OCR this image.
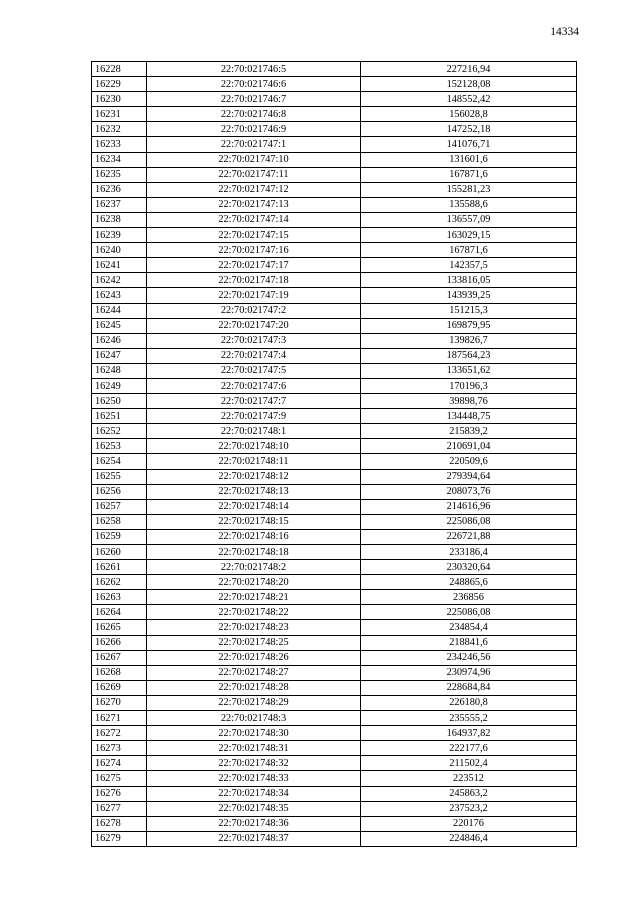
14334
16228	22:70:021746:5	227216,94
16229	22:70:021746:6	152128,08
16230	22:70:021746:7	148552,42
16231	22:70:021746:8	156028,8
16232	22:70:021746:9	147252,18
16233	22:70:021747:1	141076,71
16234	22:70:021747:10	131601,6
16235	22:70:021747:11	167871,6
16236	22:70:021747:12	155281,23
16237	22:70:021747:13	135588,6
16238	22:70:021747:14	136557,09
16239	22:70:021747:15	163029,15
16240	22:70:021747:16	167871,6
16241	22:70:021747:17	142357,5
16242	22:70:021747:18	133816,05
16243	22:70:021747:19	143939,25
16244	22:70:021747:2	151215,3
16245	22:70:021747:20	169879,95
16246	22:70:021747:3	139826,7
16247	22:70:021747:4	187564,23
16248	22:70:021747:5	133651,62
16249	22:70:021747:6	170196,3
16250	22:70:021747:7	39898,76
16251	22:70:021747:9	134448,75
16252	22:70:021748:1	215839,2
16253	22:70:021748:10	210691,04
16254	22:70:021748:11	220509,6
16255	22:70:021748:12	279394,64
16256	22:70:021748:13	208073,76
16257	22:70:021748:14	214616,96
16258	22:70:021748:15	225086,08
16259	22:70:021748:16	226721,88
16260	22:70:021748:18	233186,4
16261	22:70:021748:2	230320,64
16262	22:70:021748:20	248865,6
16263	22:70:021748:21	236856
16264	22:70:021748:22	225086,08
16265	22:70:021748:23	234854,4
16266	22:70:021748:25	218841,6
16267	22:70:021748:26	234246,56
16268	22:70:021748:27	230974,96
16269	22:70:021748:28	228684,84
16270	22:70:021748:29	226180,8
16271	22:70:021748:3	235555,2
16272	22:70:021748:30	164937,82
16273	22:70:021748:31	222177,6
16274	22:70:021748:32	211502,4
16275	22:70:021748:33	223512
16276	22:70:021748:34	245863,2
16277	22:70:021748:35	237523,2
16278	22:70:021748:36	220176
16279	22:70:021748:37	224846,4
